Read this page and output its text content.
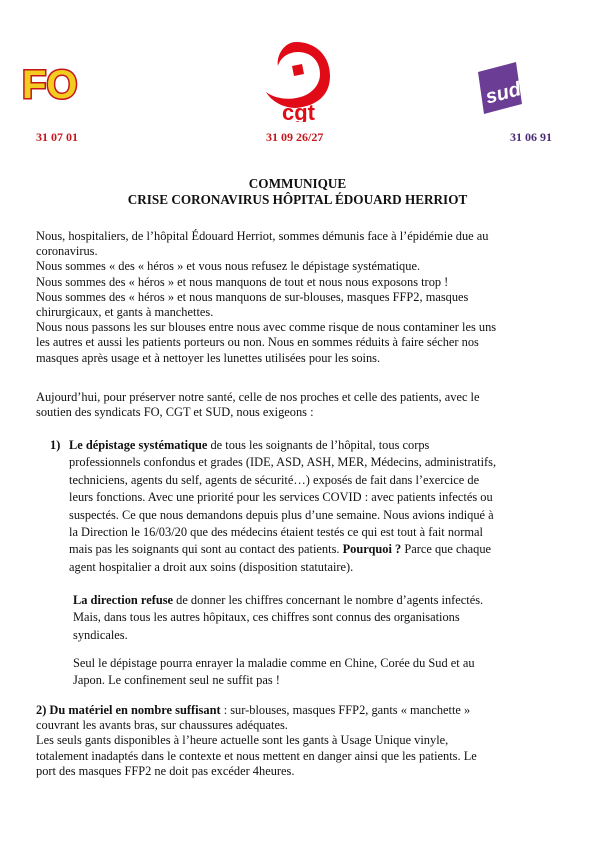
FO
cgt
sud
31 07 01	31 09 26/27	31 06 91
COMMUNIQUE
CRISE CORONAVIRUS HÔPITAL ÉDOUARD HERRIOT
Nous, hospitaliers, de l’hôpital Édouard Herriot, sommes démunis face à l’épidémie due au
coronavirus.
Nous sommes « des « héros » et vous nous refusez le dépistage systématique.
Nous sommes des « héros » et nous manquons de tout et nous nous exposons trop !
Nous sommes des « héros » et nous manquons de sur-blouses, masques FFP2, masques
chirurgicaux, et gants à manchettes.
Nous nous passons les sur blouses entre nous avec comme risque de nous contaminer les uns
les autres et aussi les patients porteurs ou non. Nous en sommes réduits à faire sécher nos
masques après usage et à nettoyer les lunettes utilisées pour les soins.
Aujourd’hui, pour préserver notre santé, celle de nos proches et celle des patients, avec le
soutien des syndicats FO, CGT et SUD, nous exigeons :
1) Le dépistage systématique de tous les soignants de l’hôpital, tous corps
professionnels confondus et grades (IDE, ASD, ASH, MER, Médecins, administratifs,
techniciens, agents du self, agents de sécurité…) exposés de fait dans l’exercice de
leurs fonctions. Avec une priorité pour les services COVID : avec patients infectés ou
suspectés. Ce que nous demandons depuis plus d’une semaine. Nous avions indiqué à
la Direction le 16/03/20 que des médecins étaient testés ce qui est tout à fait normal
mais pas les soignants qui sont au contact des patients. Pourquoi ? Parce que chaque
agent hospitalier a droit aux soins (disposition statutaire).
La direction refuse de donner les chiffres concernant le nombre d’agents infectés.
Mais, dans tous les autres hôpitaux, ces chiffres sont connus des organisations
syndicales.
Seul le dépistage pourra enrayer la maladie comme en Chine, Corée du Sud et au
Japon. Le confinement seul ne suffit pas !
2) Du matériel en nombre suffisant : sur-blouses, masques FFP2, gants « manchette »
couvrant les avants bras, sur chaussures adéquates.
Les seuls gants disponibles à l’heure actuelle sont les gants à Usage Unique vinyle,
totalement inadaptés dans le contexte et nous mettent en danger ainsi que les patients. Le
port des masques FFP2 ne doit pas excéder 4heures.
